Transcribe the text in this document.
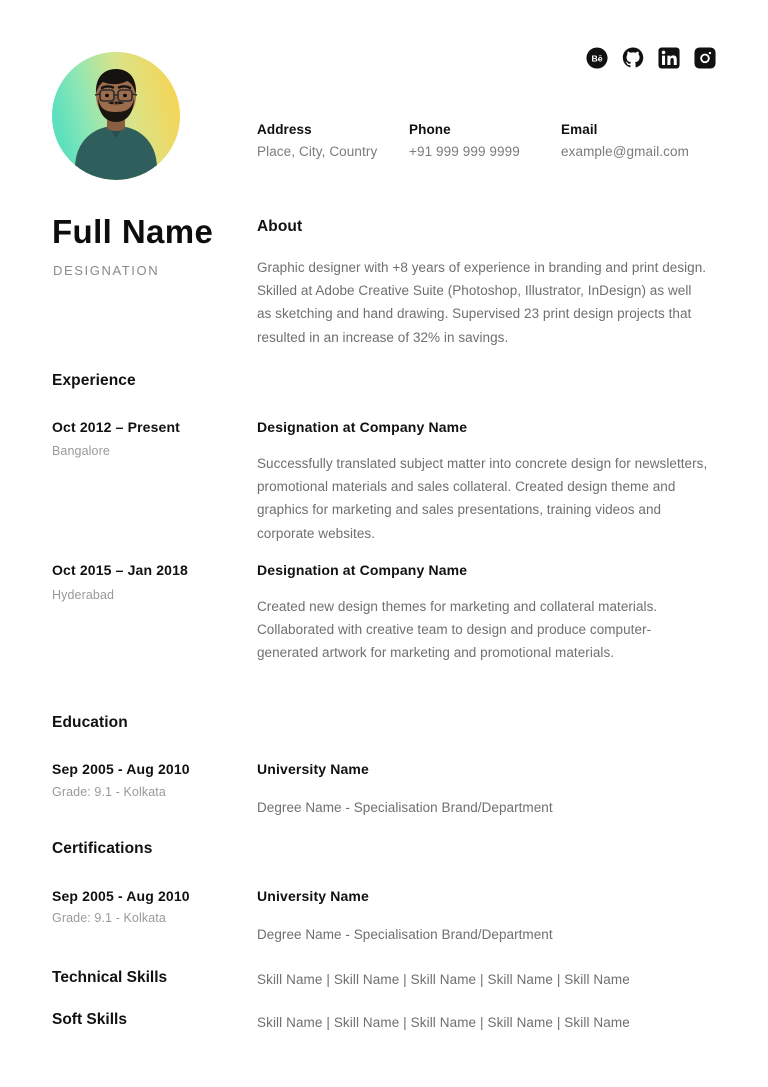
Bē
Address
Place, City, Country
Phone
+91 999 999 9999
Email
example@gmail.com
Full Name
DESIGNATION
About
Graphic designer with +8 years of experience in branding and print design. Skilled at Adobe Creative Suite (Photoshop, Illustrator, InDesign) as well as sketching and hand drawing. Supervised 23 print design projects that resulted in an increase of 32% in savings.
Experience
Oct 2012 – Present
Bangalore
Designation at Company Name
Successfully translated subject matter into concrete design for newsletters, promotional materials and sales collateral. Created design theme and graphics for marketing and sales presentations, training videos and corporate websites.
Oct 2015 – Jan 2018
Hyderabad
Designation at Company Name
Created new design themes for marketing and collateral materials. Collaborated with creative team to design and produce computer-generated artwork for marketing and promotional materials.
Education
Sep 2005 - Aug 2010
Grade: 9.1 - Kolkata
University Name
Degree Name - Specialisation Brand/Department
Certifications
Sep 2005 - Aug 2010
Grade: 9.1 - Kolkata
University Name
Degree Name - Specialisation Brand/Department
Technical Skills	Skill Name | Skill Name | Skill Name | Skill Name | Skill Name
Soft Skills	Skill Name | Skill Name | Skill Name | Skill Name | Skill Name
